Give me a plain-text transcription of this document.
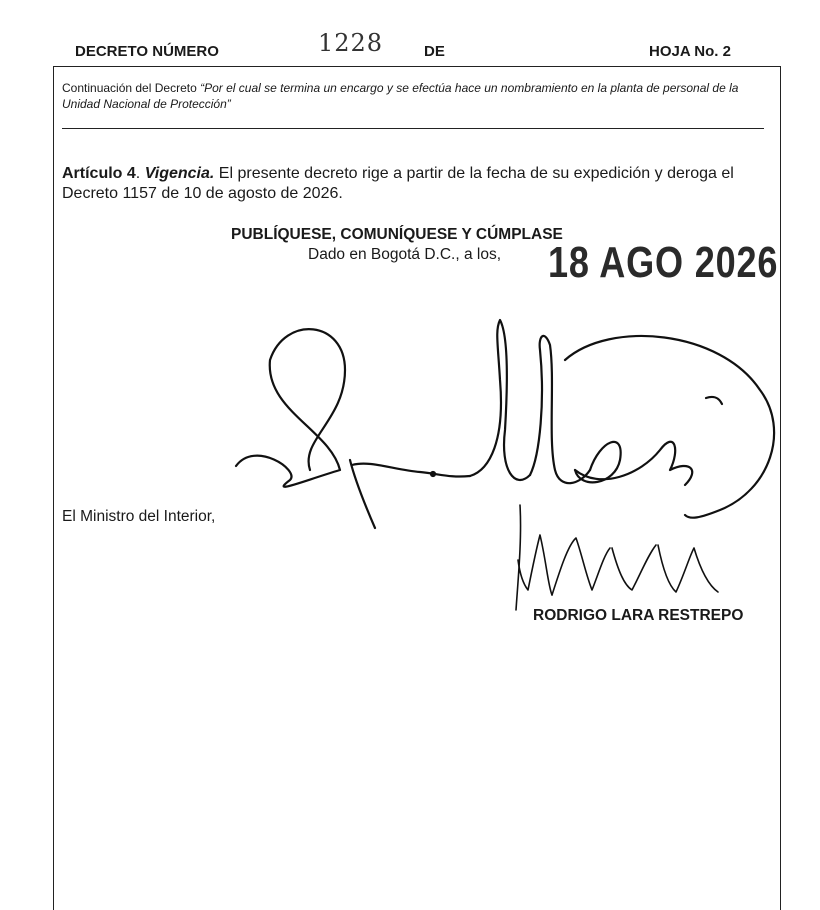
DECRETO NÚMERO	1228	DE	HOJA No. 2
Continuación del Decreto “Por el cual se termina un encargo y se efectúa hace un nombramiento en la planta de personal de la Unidad Nacional de Protección”
Artículo 4. Vigencia. El presente decreto rige a partir de la fecha de su expedición y deroga el Decreto 1157 de 10 de agosto de 2026.
PUBLÍQUESE, COMUNÍQUESE Y CÚMPLASE
Dado en Bogotá D.C., a los, 18 AGO 2026
El Ministro del Interior,
RODRIGO LARA RESTREPO
